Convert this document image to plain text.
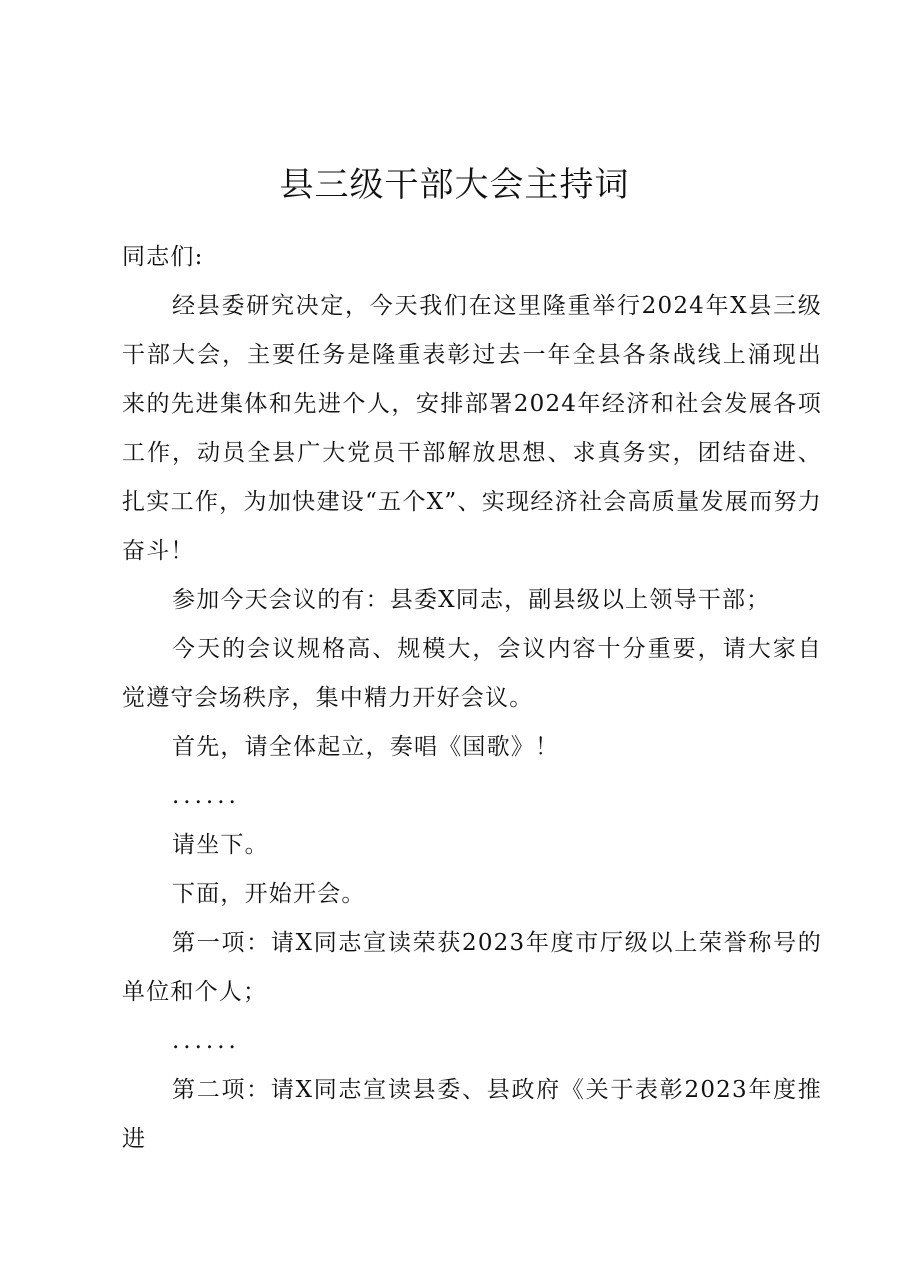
县三级干部大会主持词

同志们:

经县委研究决定，今天我们在这里隆重举行2024年X县三级干部大会，主要任务是隆重表彰过去一年全县各条战线上涌现出来的先进集体和先进个人，安排部署2024年经济和社会发展各项工作，动员全县广大党员干部解放思想、求真务实，团结奋进、扎实工作，为加快建设“五个X”、实现经济社会高质量发展而努力奋斗！

参加今天会议的有：县委X同志，副县级以上领导干部；

今天的会议规格高、规模大，会议内容十分重要，请大家自觉遵守会场秩序，集中精力开好会议。

首先，请全体起立，奏唱《国歌》！

......

请坐下。

下面，开始开会。

第一项：请X同志宣读荣获2023年度市厅级以上荣誉称号的单位和个人；

......

第二项：请X同志宣读县委、县政府《关于表彰2023年度推进
